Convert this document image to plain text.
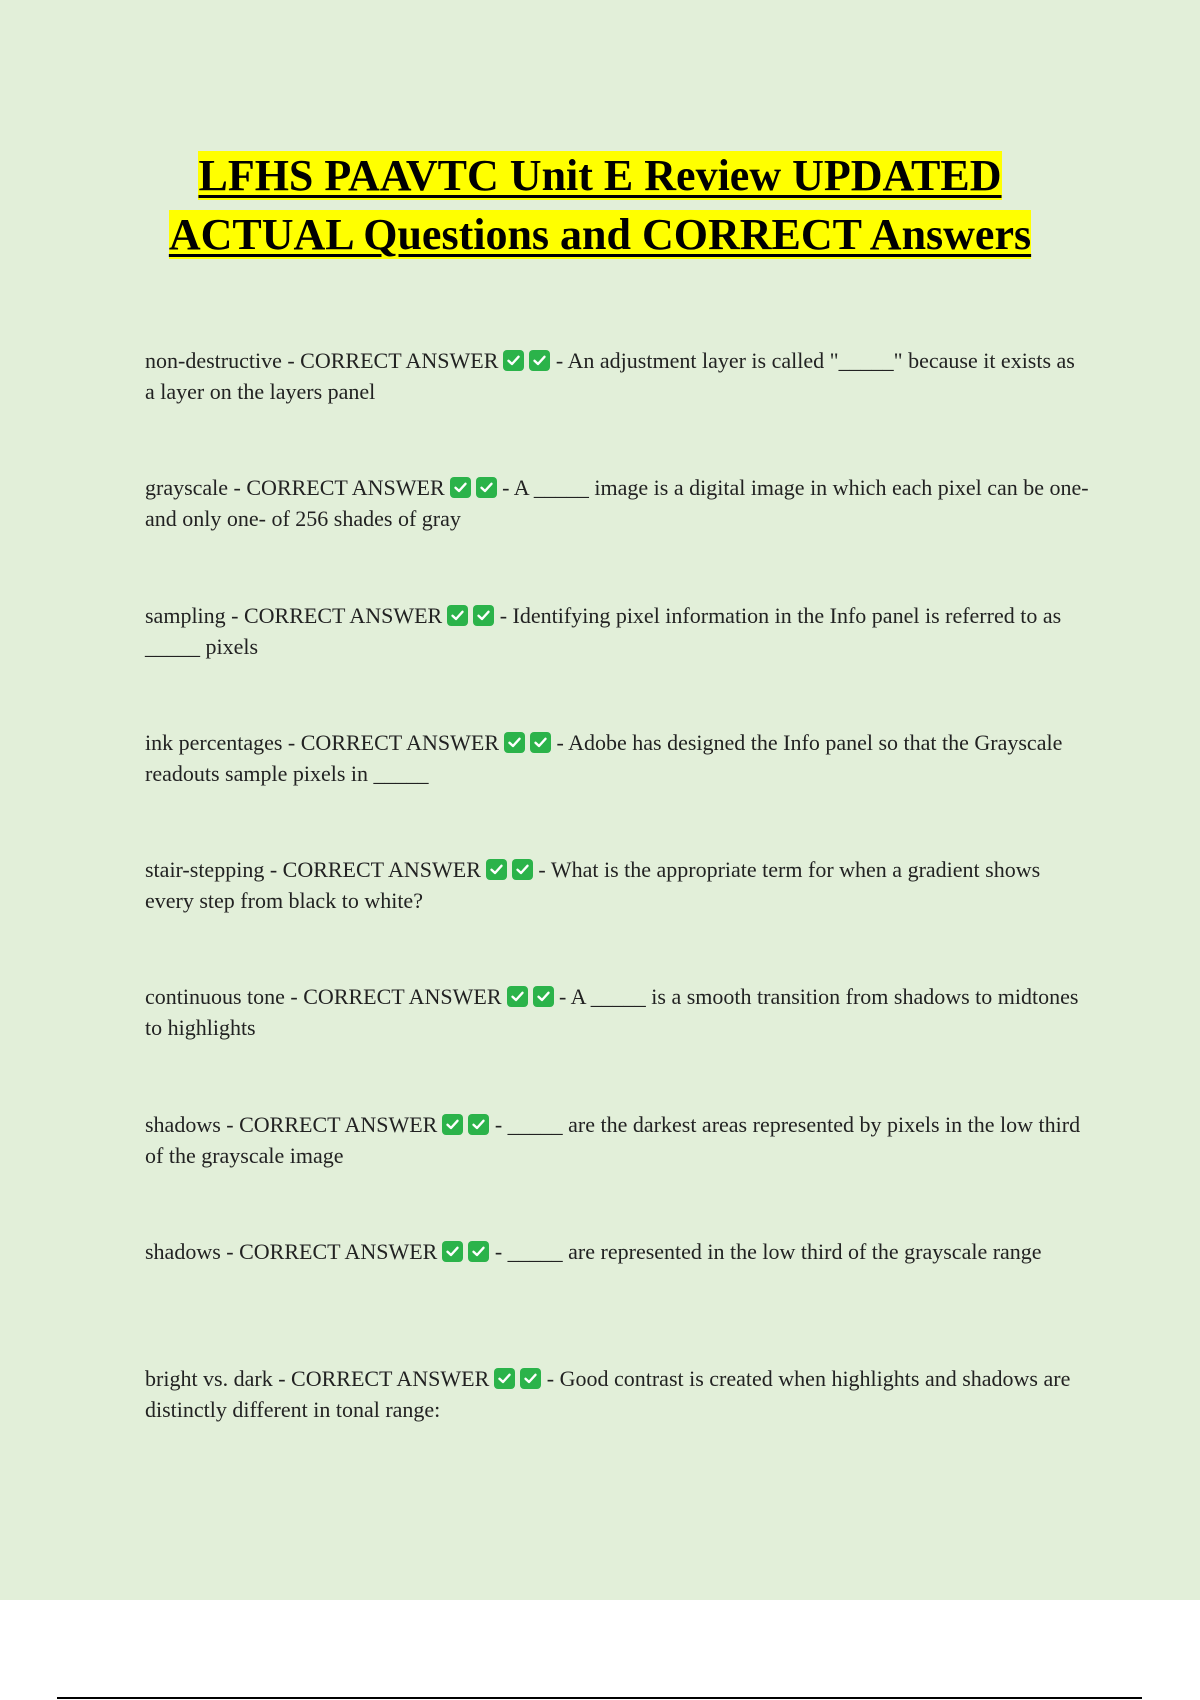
LFHS PAAVTC Unit E Review UPDATED ACTUAL Questions and CORRECT Answers

non-destructive - CORRECT ANSWER
- An adjustment layer is called "_____" because it exists as a layer on the layers panel

grayscale - CORRECT ANSWER
- A _____ image is a digital image in which each pixel can be one-and only one- of 256 shades of gray

sampling - CORRECT ANSWER
- Identifying pixel information in the Info panel is referred to as _____ pixels

ink percentages - CORRECT ANSWER
- Adobe has designed the Info panel so that the Grayscale readouts sample pixels in _____

stair-stepping - CORRECT ANSWER
- What is the appropriate term for when a gradient shows every step from black to white?

continuous tone - CORRECT ANSWER
- A _____ is a smooth transition from shadows to midtones to highlights

shadows - CORRECT ANSWER
- _____ are the darkest areas represented by pixels in the low third of the grayscale image

shadows - CORRECT ANSWER
- _____ are represented in the low third of the grayscale range

bright vs. dark - CORRECT ANSWER
- Good contrast is created when highlights and shadows are distinctly different in tonal range:
